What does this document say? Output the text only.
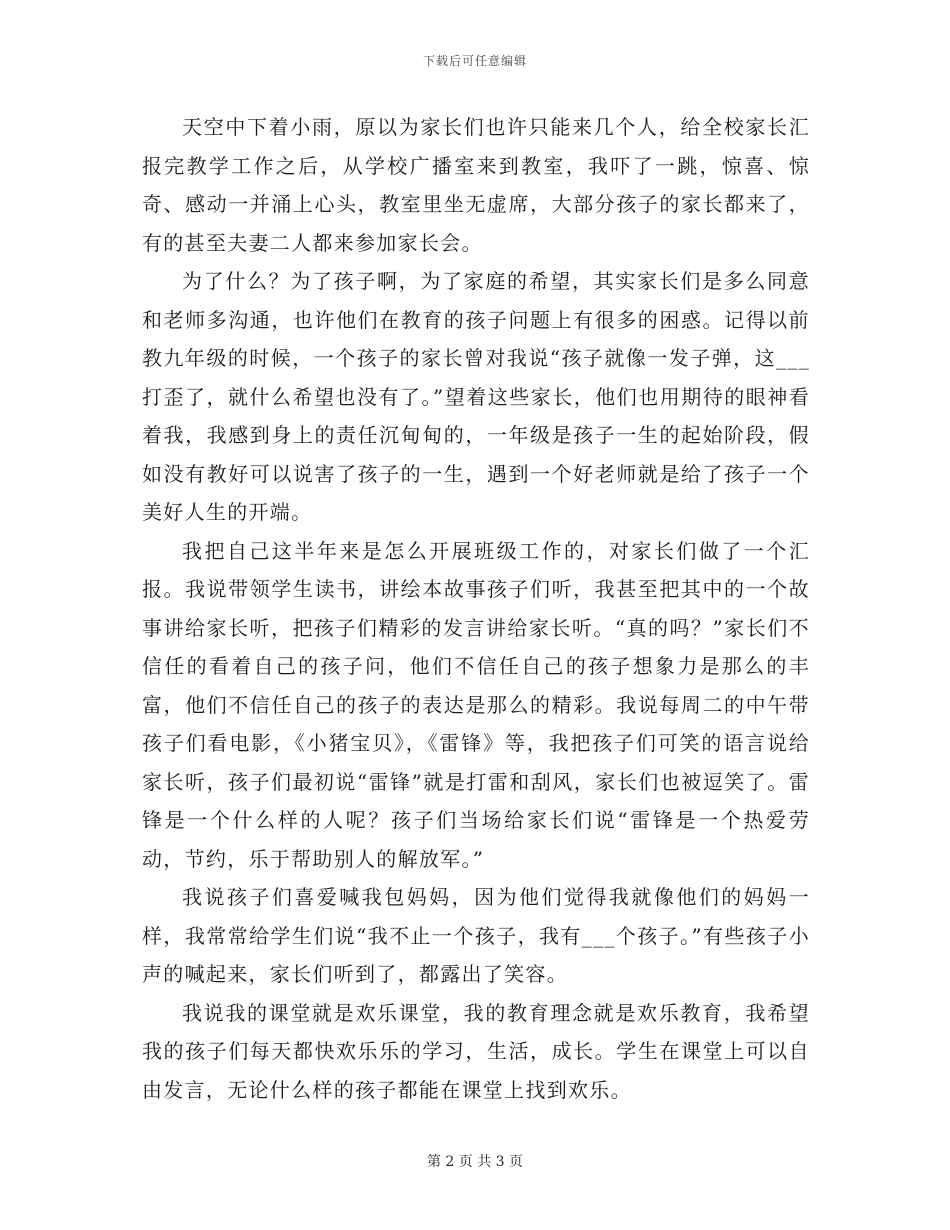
下载后可任意编辑

天空中下着小雨，原以为家长们也许只能来几个人，给全校家长汇报完教学工作之后，从学校广播室来到教室，我吓了一跳，惊喜、惊奇、感动一并涌上心头，教室里坐无虚席，大部分孩子的家长都来了，有的甚至夫妻二人都来参加家长会。

为了什么？为了孩子啊，为了家庭的希望，其实家长们是多么同意和老师多沟通，也许他们在教育的孩子问题上有很多的困惑。记得以前教九年级的时候，一个孩子的家长曾对我说“孩子就像一发子弹，这___打歪了，就什么希望也没有了。”望着这些家长，他们也用期待的眼神看着我，我感到身上的责任沉甸甸的，一年级是孩子一生的起始阶段，假如没有教好可以说害了孩子的一生，遇到一个好老师就是给了孩子一个美好人生的开端。

我把自己这半年来是怎么开展班级工作的，对家长们做了一个汇报。我说带领学生读书，讲绘本故事孩子们听，我甚至把其中的一个故事讲给家长听，把孩子们精彩的发言讲给家长听。“真的吗？”家长们不信任的看着自己的孩子问，他们不信任自己的孩子想象力是那么的丰富，他们不信任自己的孩子的表达是那么的精彩。我说每周二的中午带孩子们看电影，《小猪宝贝》，《雷锋》等，我把孩子们可笑的语言说给家长听，孩子们最初说“雷锋”就是打雷和刮风，家长们也被逗笑了。雷锋是一个什么样的人呢？孩子们当场给家长们说“雷锋是一个热爱劳动，节约，乐于帮助别人的解放军。”

我说孩子们喜爱喊我包妈妈，因为他们觉得我就像他们的妈妈一样，我常常给学生们说“我不止一个孩子，我有___个孩子。”有些孩子小声的喊起来，家长们听到了，都露出了笑容。

我说我的课堂就是欢乐课堂，我的教育理念就是欢乐教育，我希望我的孩子们每天都快欢乐乐的学习，生活，成长。学生在课堂上可以自由发言，无论什么样的孩子都能在课堂上找到欢乐。

第 2 页 共 3 页
